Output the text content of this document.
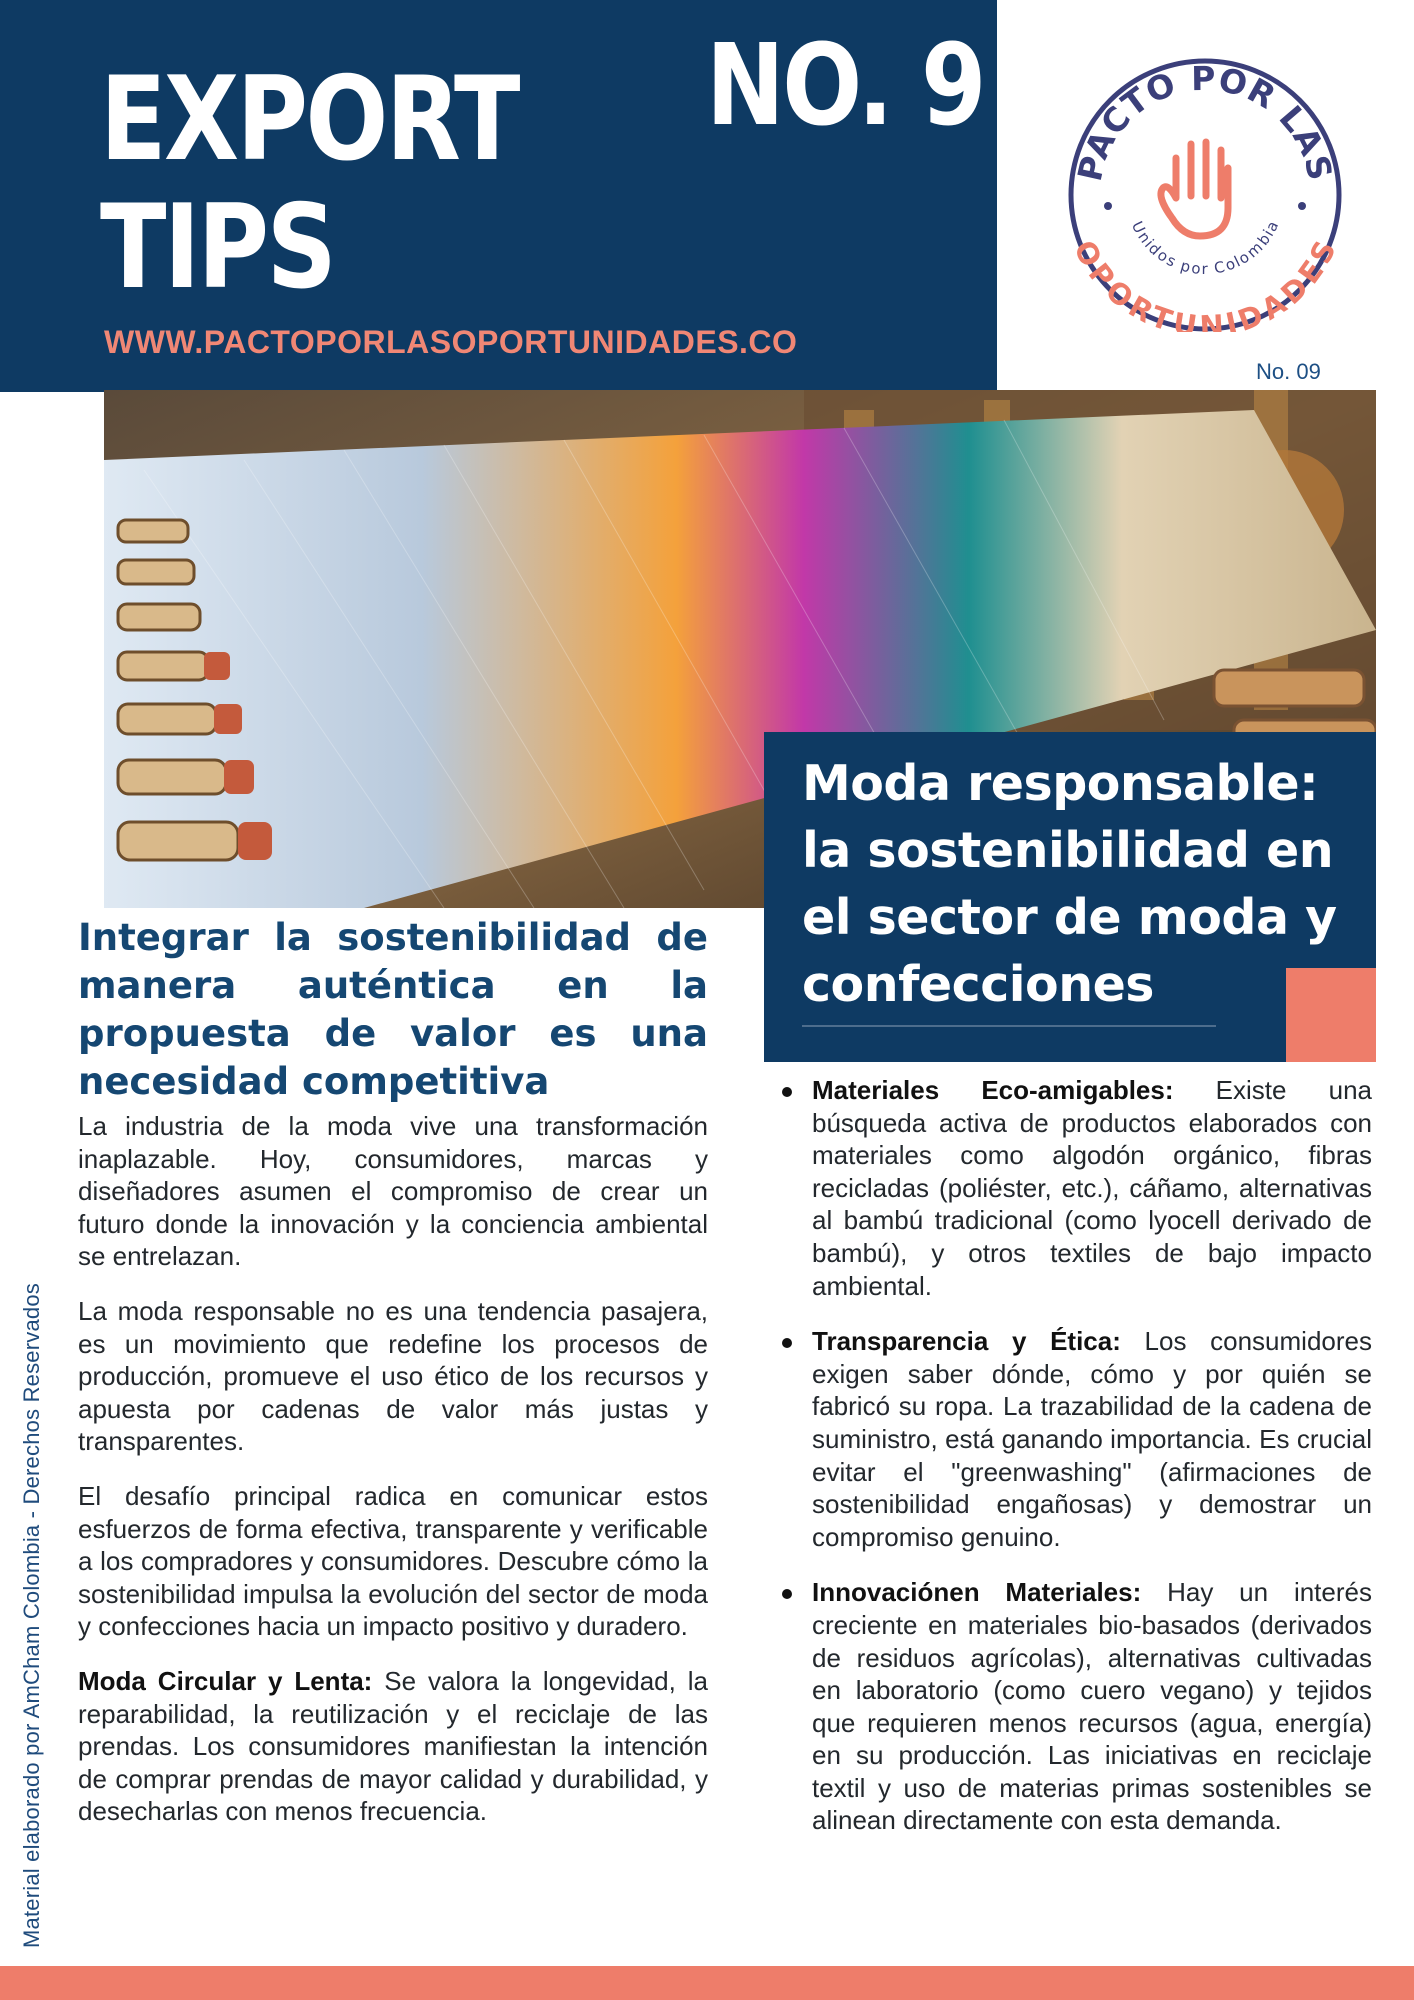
EXPORT
TIPS
NO. 9
WWW.PACTOPORLASOPORTUNIDADES.CO
PACTO POR LAS
OPORTUNIDADES
Unidos por Colombia
No. 09
Moda responsable:
la sostenibilidad en
el sector de moda y
confecciones
Integrar la sostenibilidad de
manera auténtica en la
propuesta de valor es una
necesidad competitiva

La industria de la moda vive una transformación inaplazable. Hoy, consumidores, marcas y diseñadores asumen el compromiso de crear un futuro donde la innovación y la conciencia ambiental se entrelazan.

La moda responsable no es una tendencia pasajera, es un movimiento que redefine los procesos de producción, promueve el uso ético de los recursos y apuesta por cadenas de valor más justas y transparentes.

El desafío principal radica en comunicar estos esfuerzos de forma efectiva, transparente y verificable a los compradores y consumidores. Descubre cómo la sostenibilidad impulsa la evolución del sector de moda y confecciones hacia un impacto positivo y duradero.

Moda Circular y Lenta: Se valora la longevidad, la reparabilidad, la reutilización y el reciclaje de las prendas. Los consumidores manifiestan la intención de comprar prendas de mayor calidad y durabilidad, y desecharlas con menos frecuencia.

Materiales Eco-amigables: Existe una búsqueda activa de productos elaborados con materiales como algodón orgánico, fibras recicladas (poliéster, etc.), cáñamo, alternativas al bambú tradicional (como lyocell derivado de bambú), y otros textiles de bajo impacto ambiental.
Transparencia y Ética: Los consumidores exigen saber dónde, cómo y por quién se fabricó su ropa. La trazabilidad de la cadena de suministro, está ganando importancia. Es crucial evitar el "greenwashing" (afirmaciones de sostenibilidad engañosas) y demostrar un compromiso genuino.
Innovaciónen Materiales: Hay un interés creciente en materiales bio-basados (derivados de residuos agrícolas), alternativas cultivadas en laboratorio (como cuero vegano) y tejidos que requieren menos recursos (agua, energía) en su producción. Las iniciativas en reciclaje textil y uso de materias primas sostenibles se alinean directamente con esta demanda.
Material elaborado por AmCham Colombia - Derechos Reservados
